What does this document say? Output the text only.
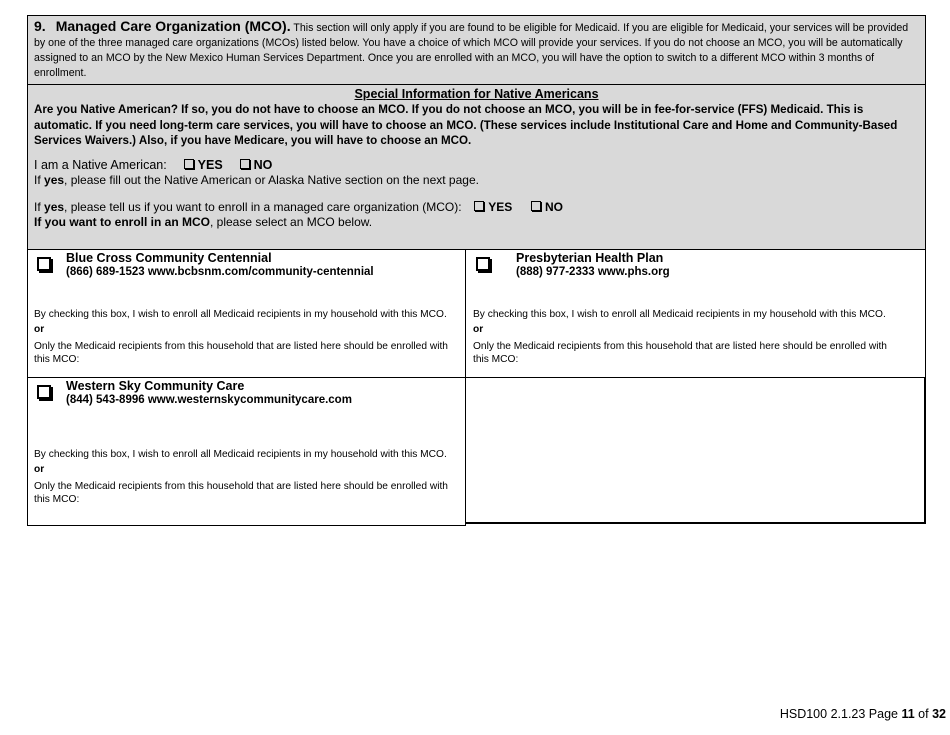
9. Managed Care Organization (MCO). This section will only apply if you are found to be eligible for Medicaid. If you are eligible for Medicaid, your services will be provided by one of the three managed care organizations (MCOs) listed below. You have a choice of which MCO will provide your services. If you do not choose an MCO, you will be automatically assigned to an MCO by the New Mexico Human Services Department. Once you are enrolled with an MCO, you will have the option to switch to a different MCO within 3 months of enrollment.
Special Information for Native Americans
Are you Native American? If so, you do not have to choose an MCO. If you do not choose an MCO, you will be in fee-for-service (FFS) Medicaid. This is automatic. If you need long-term care services, you will have to choose an MCO. (These services include Institutional Care and Home and Community-Based Services Waivers.) Also, if you have Medicare, you will have to choose an MCO.
I am a Native American: YES NO
If yes, please fill out the Native American or Alaska Native section on the next page.
If yes, please tell us if you want to enroll in a managed care organization (MCO): YES	NO
If you want to enroll in an MCO, please select an MCO below.
Blue Cross Community Centennial
(866) 689-1523 www.bcbsnm.com/community-centennial
By checking this box, I wish to enroll all Medicaid recipients in my household with this MCO.
or
Only the Medicaid recipients from this household that are listed here should be enrolled with this MCO:
Presbyterian Health Plan
(888) 977-2333 www.phs.org
By checking this box, I wish to enroll all Medicaid recipients in my household with this MCO.
or
Only the Medicaid recipients from this household that are listed here should be enrolled with this MCO:
Western Sky Community Care
(844) 543-8996 www.westernskycommunitycare.com
By checking this box, I wish to enroll all Medicaid recipients in my household with this MCO.
or
Only the Medicaid recipients from this household that are listed here should be enrolled with this MCO:
HSD100 2.1.23 Page 11 of 32
